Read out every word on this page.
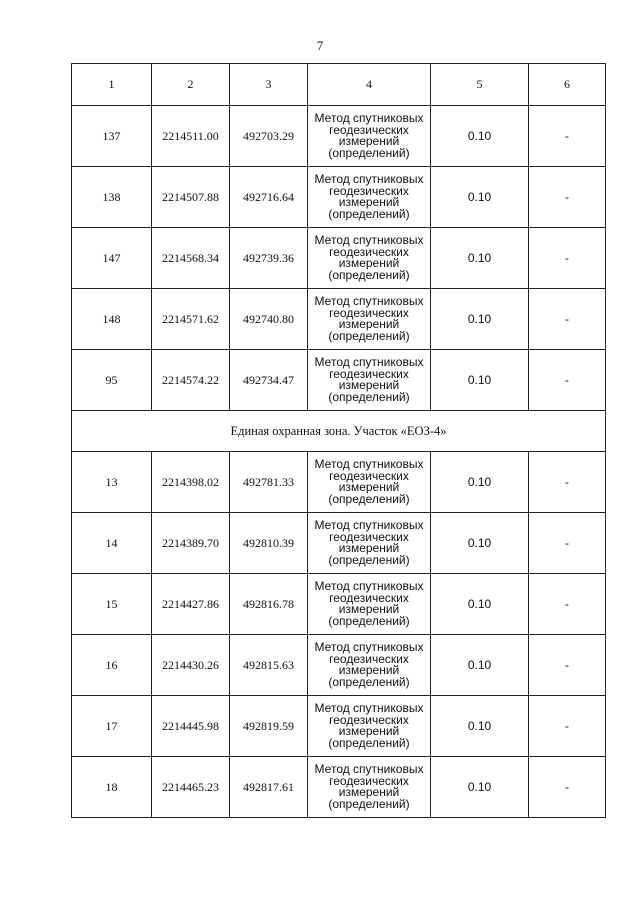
7
1	2	3	4	5	6
137	2214511.00	492703.29	Метод спутниковых
геодезических
измерений
(определений)	0.10	-
138	2214507.88	492716.64	Метод спутниковых
геодезических
измерений
(определений)	0.10	-
147	2214568.34	492739.36	Метод спутниковых
геодезических
измерений
(определений)	0.10	-
148	2214571.62	492740.80	Метод спутниковых
геодезических
измерений
(определений)	0.10	-
95	2214574.22	492734.47	Метод спутниковых
геодезических
измерений
(определений)	0.10	-
Единая охранная зона. Участок «ЕОЗ-4»					
13	2214398.02	492781.33	Метод спутниковых
геодезических
измерений
(определений)	0.10	-
14	2214389.70	492810.39	Метод спутниковых
геодезических
измерений
(определений)	0.10	-
15	2214427.86	492816.78	Метод спутниковых
геодезических
измерений
(определений)	0.10	-
16	2214430.26	492815.63	Метод спутниковых
геодезических
измерений
(определений)	0.10	-
17	2214445.98	492819.59	Метод спутниковых
геодезических
измерений
(определений)	0.10	-
18	2214465.23	492817.61	Метод спутниковых
геодезических
измерений
(определений)	0.10	-
